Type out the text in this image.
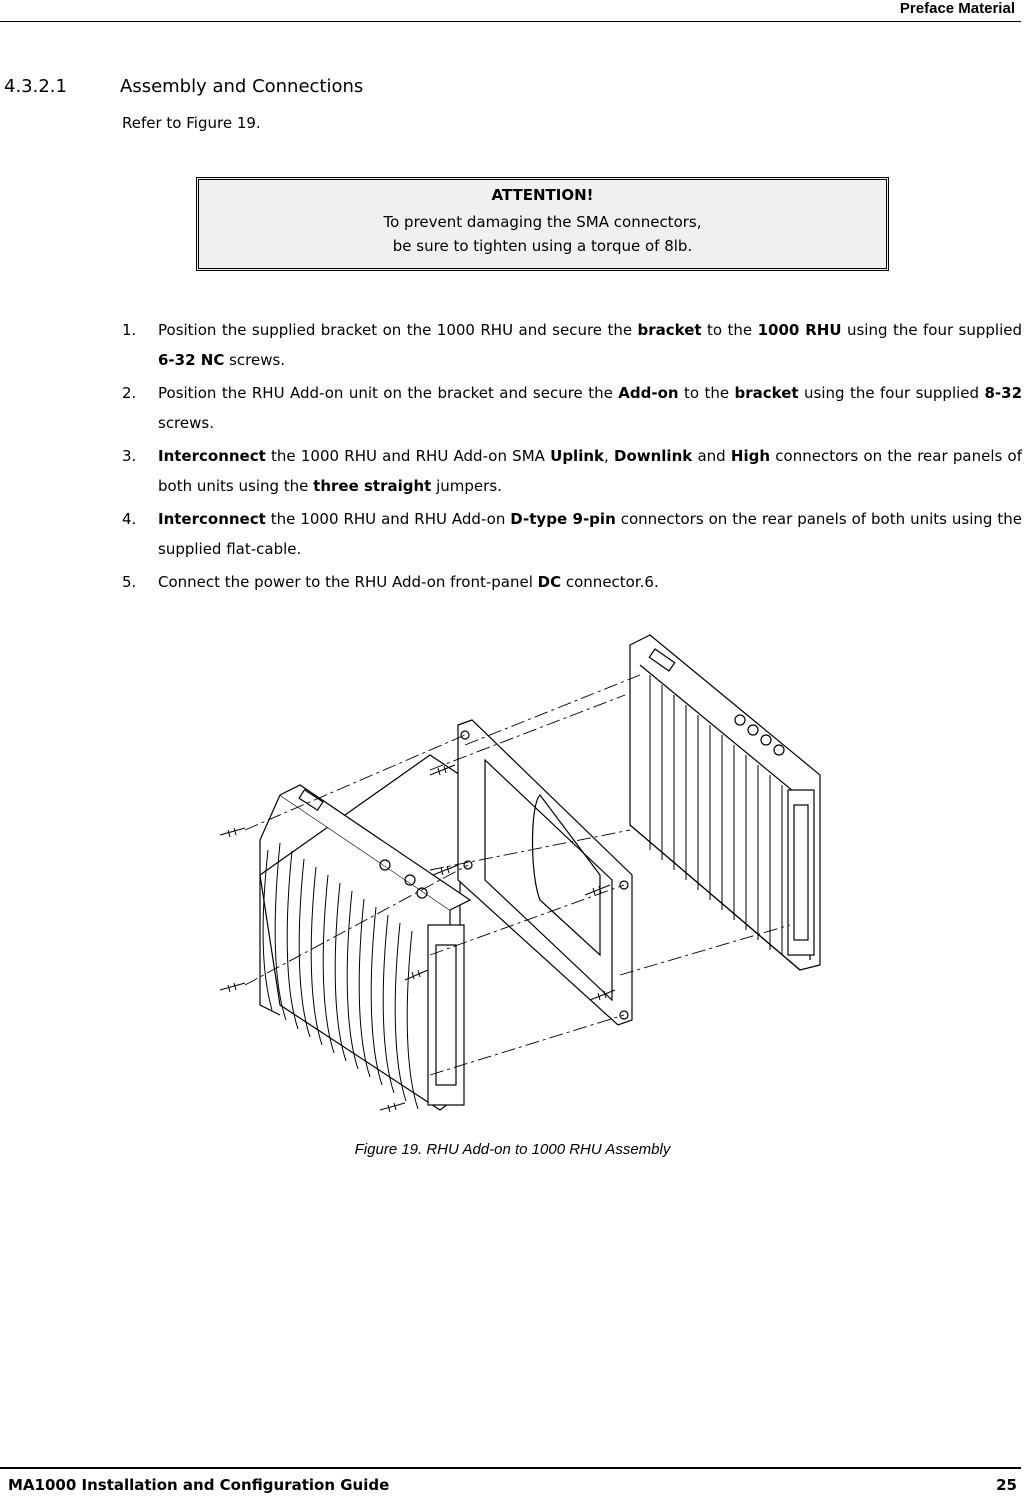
Preface Material
4.3.2.1	Assembly and Connections
Refer to Figure 19.
ATTENTION!
To prevent damaging the SMA connectors,
be sure to tighten using a torque of 8lb.
1. Position the supplied bracket on the 1000 RHU and secure the bracket to the 1000 RHU using the four supplied 6-32 NC screws.
2. Position the RHU Add-on unit on the bracket and secure the Add-on to the bracket using the four supplied 8-32 screws.
3. Interconnect the 1000 RHU and RHU Add-on SMA Uplink, Downlink and High connectors on the rear panels of both units using the three straight jumpers.
4. Interconnect the 1000 RHU and RHU Add-on D-type 9-pin connectors on the rear panels of both units using the supplied flat-cable.
5. Connect the power to the RHU Add-on front-panel DC connector.6.
Figure 19. RHU Add-on to 1000 RHU Assembly
MA1000 Installation and Configuration Guide	25
